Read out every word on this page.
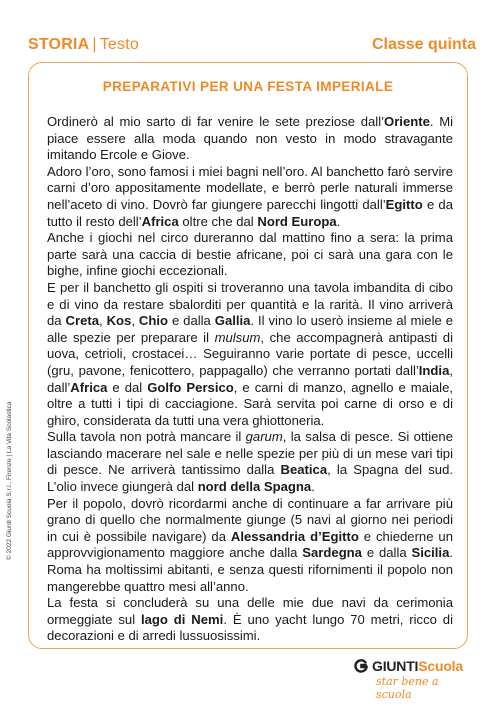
STORIA | Testo	Classe quinta
PREPARATIVI PER UNA FESTA IMPERIALE

Ordinerò al mio sarto di far venire le sete preziose dall’Oriente. Mi piace essere alla moda quando non vesto in modo stravagante imitando Ercole e Giove.

Adoro l’oro, sono famosi i miei bagni nell’oro. Al banchetto farò servire carni d’oro appositamente modellate, e berrò perle naturali immerse nell’aceto di vino. Dovrò far giungere parecchi lingotti dall’Egitto e da tutto il resto dell’Africa oltre che dal Nord Europa.

Anche i giochi nel circo dureranno dal mattino fino a sera: la prima parte sarà una caccia di bestie africane, poi ci sarà una gara con le bighe, infine giochi eccezionali.

E per il banchetto gli ospiti si troveranno una tavola imbandita di cibo e di vino da restare sbalorditi per quantità e la rarità. Il vino arriverà da Creta, Kos, Chio e dalla Gallia. Il vino lo userò insieme al miele e alle spezie per preparare il mulsum, che accompagnerà antipasti di uova, cetrioli, crostacei… Seguiranno varie portate di pesce, uccelli (gru, pavone, fenicottero, pappagallo) che verranno portati dall’India, dall’Africa e dal Golfo Persico, e carni di manzo, agnello e maiale, oltre a tutti i tipi di cacciagione. Sarà servita poi carne di orso e di ghiro, considerata da tutti una vera ghiottoneria.

Sulla tavola non potrà mancare il garum, la salsa di pesce. Si ottiene lasciando macerare nel sale e nelle spezie per più di un mese vari tipi di pesce. Ne arriverà tantissimo dalla Beatica, la Spagna del sud. L’olio invece giungerà dal nord della Spagna.

Per il popolo, dovrò ricordarmi anche di continuare a far arrivare più grano di quello che normalmente giunge (5 navi al giorno nei periodi in cui è possibile navigare) da Alessandria d’Egitto e chiederne un approvvigionamento maggiore anche dalla Sardegna e dalla Sicilia. Roma ha moltissimi abitanti, e senza questi rifornimenti il popolo non mangerebbe quattro mesi all’anno.

La festa si concluderà su una delle mie due navi da cerimonia ormeggiate sul lago di Nemi. È uno yacht lungo 70 metri, ricco di decorazioni e di arredi lussuosissimi.

© 2022 Giunti Scuola S.r.l., Firenze | La Vita Scolastica
GIUNTI Scuola
star bene a scuola
